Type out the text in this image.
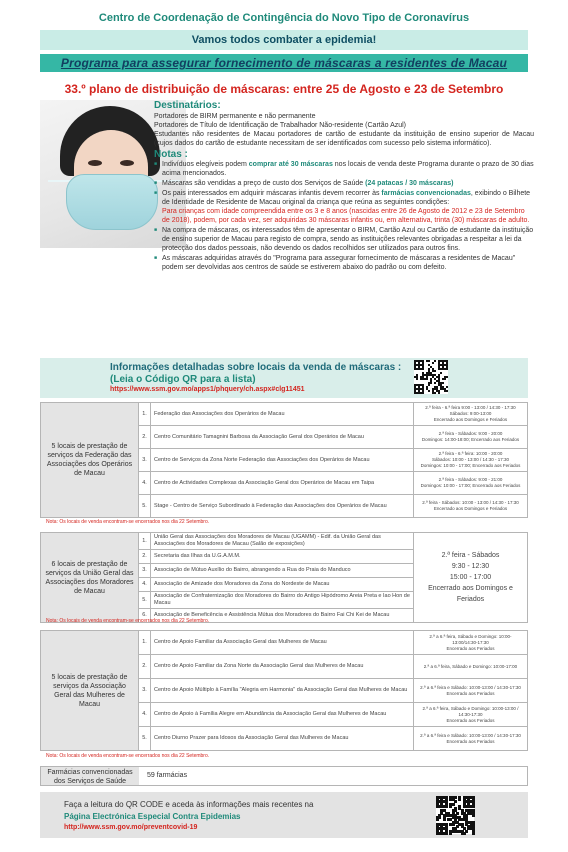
Centro de Coordenação de Contingência do Novo Tipo de Coronavírus
Vamos todos combater a epidemia!
Programa para assegurar fornecimento de máscaras a residentes de Macau
33.º plano de distribuição de máscaras: entre 25 de Agosto e 23 de Setembro
Destinatários:
Portadores de BIRM permanente e não permanente
Portadores de Título de Identificação de Trabalhador Não-residente (Cartão Azul)
Estudantes não residentes de Macau portadores de cartão de estudante da instituição de ensino superior de Macau (cujos dados do cartão de estudante necessitam de ser identificados com sucesso pelo sistema informático).
Notas :
■ Indivíduos elegíveis podem comprar até 30 máscaras nos locais de venda deste Programa durante o prazo de 30 dias acima mencionados.
■ Máscaras são vendidas a preço de custo dos Serviços de Saúde (24 patacas / 30 máscaras)
■ Os pais interessados em adquirir máscaras infantis devem recorrer às farmácias convencionadas, exibindo o Bilhete de Identidade de Residente de Macau original da criança que reúna as seguintes condições:
Para crianças com idade compreendida entre os 3 e 8 anos (nascidas entre 26 de Agosto de 2012 e 23 de Setembro de 2018), podem, por cada vez, ser adquiridas 30 máscaras infantis ou, em alternativa, trinta (30) máscaras de adulto.
■ Na compra de máscaras, os interessados têm de apresentar o BIRM, Cartão Azul ou Cartão de estudante da instituição de ensino superior de Macau para registo de compra, sendo as instituições relevantes obrigadas a respeitar a lei da protecção dos dados pessoais, não devendo os dados recolhidos ser utilizados para outros fins.
■ As máscaras adquiridas através do "Programa para assegurar fornecimento de máscaras a residentes de Macau" podem ser devolvidas aos centros de saúde se estiverem abaixo do padrão ou com defeito.
Informações detalhadas sobre locais da venda de máscaras :
(Leia o Código QR para a lista)
https://www.ssm.gov.mo/apps1/phquery/ch.aspx#clg11451
5 locais de prestação de serviços da Federação das Associações dos Operários de Macau	1.	Federação das Associações dos Operários de Macau	2.ª feira - 6.ª feira 9:00 - 13:00 / 14:30 - 17:30
Sábados: 9:00-13:00
Encerrado aos Domingos e Feriados
	2.	Centro Comunitário Tamagnini Barbosa da Associação Geral dos Operários de Macau	2.ª feira - Sábados: 9:00 - 20:00
Domingos: 14:00-18:00; Encerrado aos Feriados
	3.	Centro de Serviços da Zona Norte Federação das Associações dos Operários de Macau	2.ª feira - 6.ª feira: 10:00 - 20:00
Sábados: 10:00 - 13:00 / 14:30 - 17:30
Domingos: 10:00 - 17:00; Encerrado aos Feriados
	4.	Centro de Actividades Complexas da Associação Geral dos Operários de Macau em Taipa	2.ª feira - Sábados: 9:00 - 21:00
Domingos: 10:00 - 17:00; Encerrado aos Feriados
	5.	Stage - Centro de Serviço Subordinado à Federação das Associações dos Operários de Macau	2.ª feira - Sábados: 10:00 - 13:00 / 14:30 - 17:30
Encerrado aos Domingos e Feriados
Nota: Os locais de venda encontram-se encerrados nos dia 22 Setembro.
6 locais de prestação de serviços da União Geral das Associações dos Moradores de Macau	1.	União Geral das Associações dos Moradores de Macau (UGAMM) - Edif. da União Geral das Associações dos Moradores de Macau (Salão de exposições)	2.ª feira - Sábados
9:30 - 12:30
15:00 - 17:00
Encerrado aos Domingos e Feriados

	2.	Secretaria das Ilhas da U.G.A.M.M.	
	3.	Associação de Mútuo Auxílio do Bairro, abrangendo a Rua do Praia do Manduco	
	4.	Associação de Amizade dos Moradores da Zona do Nordeste de Macau	
	5.	Associação de Confraternização dos Moradores do Bairro do Antigo Hipódromo Areia Preta e Iao Hon de Macau	
	6.	Associação de Beneficência e Assistência Mútua dos Moradores do Bairro Fai Chi Kei de Macau	
Nota: Os locais de venda encontram-se encerrados nos dia 22 Setembro.
5 locais de prestação de serviços da Associação Geral das Mulheres de Macau	1.	Centro de Apoio Familiar da Associação Geral das Mulheres de Macau	2.ª a 6.ª feira, Sábado e Domingo: 10:00-13:00/14:30-17:30
Encerrado aos Feriados
	2.	Centro de Apoio Familiar da Zona Norte da Associação Geral das Mulheres de Macau	2.ª a 6.ª feira, Sábado e Domingo: 10:00-17:00
	3.	Centro de Apoio Múltiplo à Família "Alegria em Harmonia" da Associação Geral das Mulheres de Macau	2.ª a 6.ª feira e Sábado: 10:00-13:00 / 14:30-17:30
Encerrado aos Feriados
	4.	Centro de Apoio à Família Alegre em Abundância da Associação Geral das Mulheres de Macau	2.ª a 6.ª feira, Sábado e Domingo: 10:00-13:00 / 14:30-17:30
Encerrado aos Feriados
	5.	Centro Diurno Prazer para Idosos da Associação Geral das Mulheres de Macau	2.ª a 6.ª feira e Sábado: 10:00-13:00 / 14:30-17:30
Encerrado aos Feriados
Nota: Os locais de venda encontram-se encerrados nos dia 22 Setembro.
Farmácias convencionadas dos Serviços de Saúde
59 farmácias
Faça a leitura do QR CODE e aceda às informações mais recentes na
Página Electrónica Especial Contra Epidemias
http://www.ssm.gov.mo/preventcovid-19
